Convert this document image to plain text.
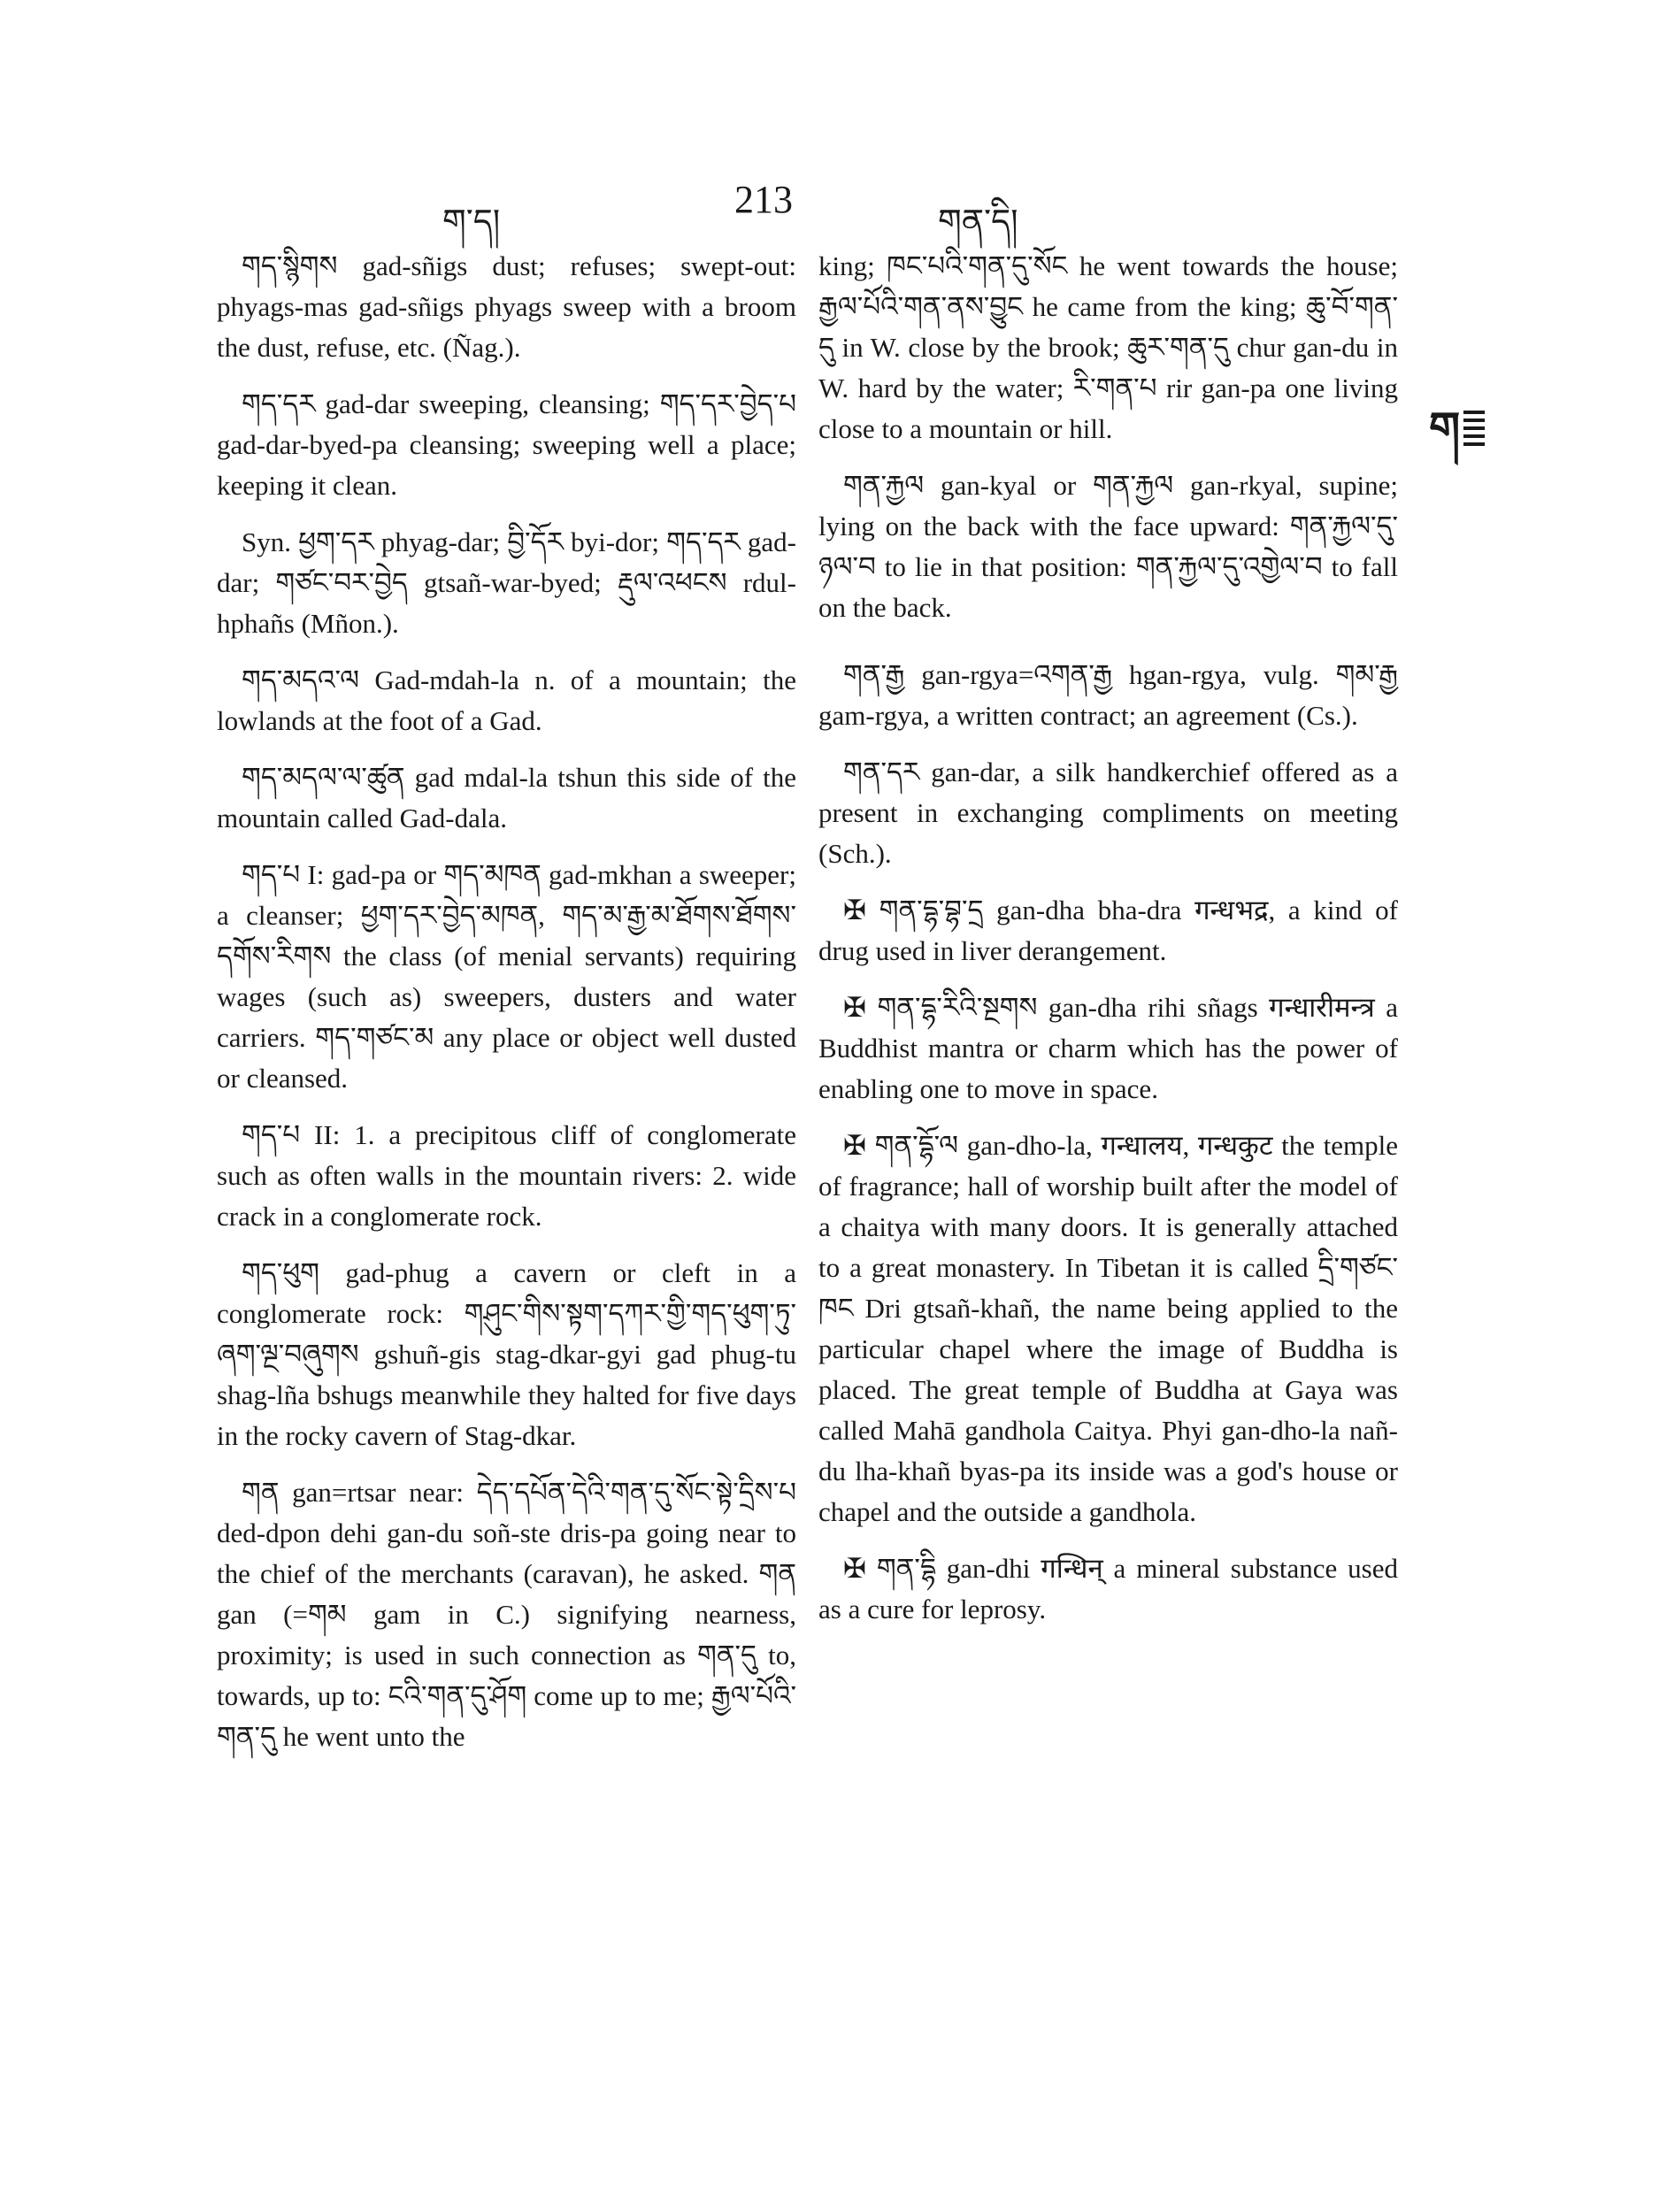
ག་ད།	213	གན་དི།
ག

གད་སྙིགས gad-sñigs dust; refuses; swept-out: phyags-mas gad-sñigs phyags sweep with a broom the dust, refuse, etc. (Ñag.).

གད་དར gad-dar sweeping, cleansing; གད་དར་བྱེད་པ gad-dar-byed-pa cleansing; sweeping well a place; keeping it clean.

Syn. ཕྱག་དར phyag-dar; བྱི་དོར byi-dor; གད་དར gad-dar; གཙང་བར་བྱེད gtsañ-war-byed; རྡུལ་འཕངས rdul-hphañs (Mñon.).

གད་མདའ་ལ Gad-mdah-la n. of a mountain; the lowlands at the foot of a Gad.

གད་མདལ་ལ་ཚུན gad mdal-la tshun this side of the mountain called Gad-dala.

གད་པ I: gad-pa or གད་མཁན gad-mkhan a sweeper; a cleanser; ཕྱག་དར་བྱེད་མཁན, གད་མ་རྒྱ་མ་ཐོགས་ཐོགས་དགོས་རིགས the class (of menial servants) requiring wages (such as) sweepers, dusters and water carriers. གད་གཙང་མ any place or object well dusted or cleansed.

གད་པ II: 1. a precipitous cliff of conglomerate such as often walls in the mountain rivers: 2. wide crack in a conglomerate rock.

གད་ཕུག gad-phug a cavern or cleft in a conglomerate rock: གཤུང་གིས་སྟག་དཀར་གྱི་གད་ཕུག་ཏུ་ཞག་ལྔ་བཞུགས gshuñ-gis stag-dkar-gyi gad phug-tu shag-lña bshugs meanwhile they halted for five days in the rocky cavern of Stag-dkar.

གན gan=rtsar near: དེད་དཔོན་དེའི་གན་དུ་སོང་སྟེ་དྲིས་པ ded-dpon dehi gan-du soñ-ste dris-pa going near to the chief of the merchants (caravan), he asked. གན gan (=གམ gam in C.) signifying nearness, proximity; is used in such connection as གན་དུ to, towards, up to: ངའི་གན་དུ་ཤོག come up to me; རྒྱལ་པོའི་གན་དུ he went unto the

king; ཁང་པའི་གན་དུ་སོང he went towards the house; རྒྱལ་པོའི་གན་ནས་བྱུང he came from the king; ཆུ་བོ་གན་དུ in W. close by the brook; ཆུར་གན་དུ chur gan-du in W. hard by the water; རི་གན་པ rir gan-pa one living close to a mountain or hill.

གན་རྐྱལ gan-kyal or གན་རྐྱལ gan-rkyal, supine; lying on the back with the face upward: གན་རྐྱལ་དུ་ཉལ་བ to lie in that position: གན་རྐྱལ་དུ་འགྱེལ་བ to fall on the back.

གན་རྒྱ gan-rgya=འགན་རྒྱ hgan-rgya, vulg. གམ་རྒྱ gam-rgya, a written contract; an agreement (Cs.).

གན་དར gan-dar, a silk handkerchief offered as a present in exchanging compliments on meeting (Sch.).

✠ གན་དྷ་བྷ་དྲ gan-dha bha-dra गन्धभद्र, a kind of drug used in liver derangement.

✠ གན་དྷ་རིའི་སྔགས gan-dha rihi sñags गन्धारीमन्त्र a Buddhist mantra or charm which has the power of enabling one to move in space.

✠ གན་དྷོ་ལ gan-dho-la, गन्धालय, गन्धकुट the temple of fragrance; hall of worship built after the model of a chaitya with many doors. It is generally attached to a great monastery. In Tibetan it is called དྲི་གཙང་ཁང Dri gtsañ-khañ, the name being applied to the particular chapel where the image of Buddha is placed. The great temple of Buddha at Gaya was called Mahā gandhola Caitya. Phyi gan-dho-la nañ-du lha-khañ byas-pa its inside was a god's house or chapel and the outside a gandhola.

✠ གན་དྷི gan-dhi गन्धिन् a mineral substance used as a cure for leprosy.
